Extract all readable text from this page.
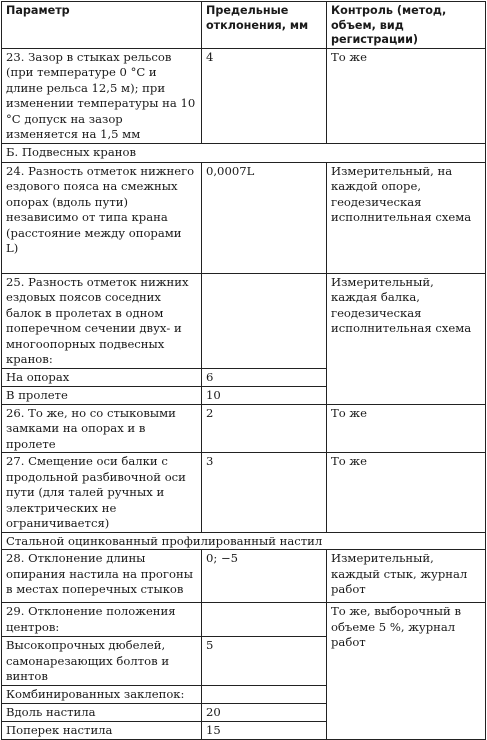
Параметр	Предельные отклонения, мм	Контроль (метод, объем, вид регистрации)
23. Зазор в стыках рельсов (при температуре 0 °С и длине рельса 12,5 м); при изменении температуры на 10 °С допуск на зазор изменяется на 1,5 мм	4	То же
Б. Подвесных кранов		
24. Разность отметок нижнего ездового пояса на смежных опорах (вдоль пути) независимо от типа крана (расстояние между опорами L)	0,0007L	Измерительный, на каждой опоре, геодезическая исполнительная схема
25. Разность отметок нижних ездовых поясов соседних балок в пролетах в одном поперечном сечении двух- и многоопорных подвесных кранов:		Измерительный, каждая балка, геодезическая исполнительная схема
На опорах	6	
В пролете	10	
26. То же, но со стыковыми замками на опорах и в пролете	2	То же
27. Смещение оси балки с продольной разбивочной оси пути (для талей ручных и электрических не ограничивается)	3	То же
Стальной оцинкованный профилированный настил		
28. Отклонение длины опирания настила на прогоны в местах поперечных стыков	0; −5	Измерительный, каждый стык, журнал работ
29. Отклонение положения центров:		То же, выборочный в объеме 5 %, журнал работ
Высокопрочных дюбелей, самонарезающих болтов и винтов	5	
Комбинированных заклепок:		
Вдоль настила	20	
Поперек настила	15	
